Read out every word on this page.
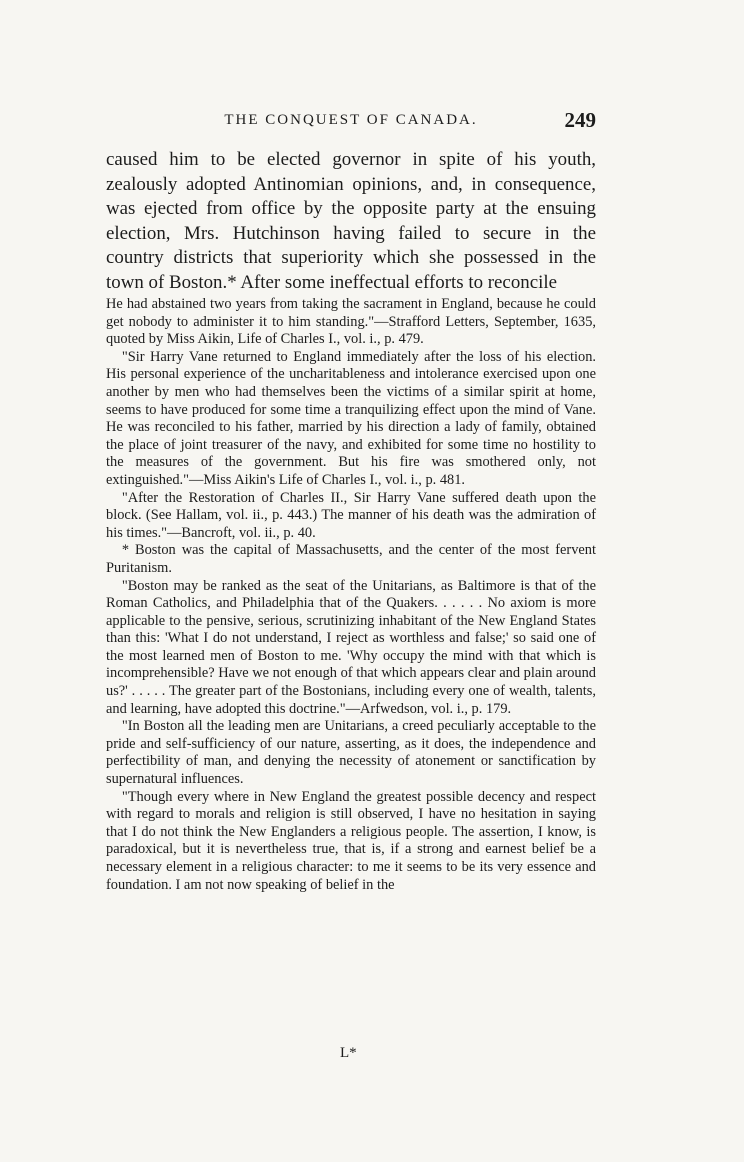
THE CONQUEST OF CANADA.	249
caused him to be elected governor in spite of his youth,
zealously adopted Antinomian opinions, and, in consequence,
was ejected from office by the opposite party at the ensuing
election, Mrs. Hutchinson having failed to secure in the
country districts that superiority which she possessed in the
town of Boston.* After some ineffectual efforts to reconcile

He had abstained two years from taking the sacrament in England, because he could get nobody to administer it to him standing."—Strafford Letters, September, 1635, quoted by Miss Aikin, Life of Charles I., vol. i., p. 479.

"Sir Harry Vane returned to England immediately after the loss of his election. His personal experience of the uncharitableness and intolerance exercised upon one another by men who had themselves been the victims of a similar spirit at home, seems to have produced for some time a tranquilizing effect upon the mind of Vane. He was reconciled to his father, married by his direction a lady of family, obtained the place of joint treasurer of the navy, and exhibited for some time no hostility to the measures of the government. But his fire was smothered only, not extinguished."—Miss Aikin's Life of Charles I., vol. i., p. 481.

"After the Restoration of Charles II., Sir Harry Vane suffered death upon the block. (See Hallam, vol. ii., p. 443.) The manner of his death was the admiration of his times."—Bancroft, vol. ii., p. 40.

* Boston was the capital of Massachusetts, and the center of the most fervent Puritanism.

"Boston may be ranked as the seat of the Unitarians, as Baltimore is that of the Roman Catholics, and Philadelphia that of the Quakers. . . . . . No axiom is more applicable to the pensive, serious, scrutinizing inhabitant of the New England States than this: 'What I do not understand, I reject as worthless and false;' so said one of the most learned men of Boston to me. 'Why occupy the mind with that which is incomprehensible? Have we not enough of that which appears clear and plain around us?' . . . . . The greater part of the Bostonians, including every one of wealth, talents, and learning, have adopted this doctrine."—Arfwedson, vol. i., p. 179.

"In Boston all the leading men are Unitarians, a creed peculiarly acceptable to the pride and self-sufficiency of our nature, asserting, as it does, the independence and perfectibility of man, and denying the necessity of atonement or sanctification by supernatural influences.

"Though every where in New England the greatest possible decency and respect with regard to morals and religion is still observed, I have no hesitation in saying that I do not think the New Englanders a religious people. The assertion, I know, is paradoxical, but it is nevertheless true, that is, if a strong and earnest belief be a necessary element in a religious character: to me it seems to be its very essence and foundation. I am not now speaking of belief in the

L*
